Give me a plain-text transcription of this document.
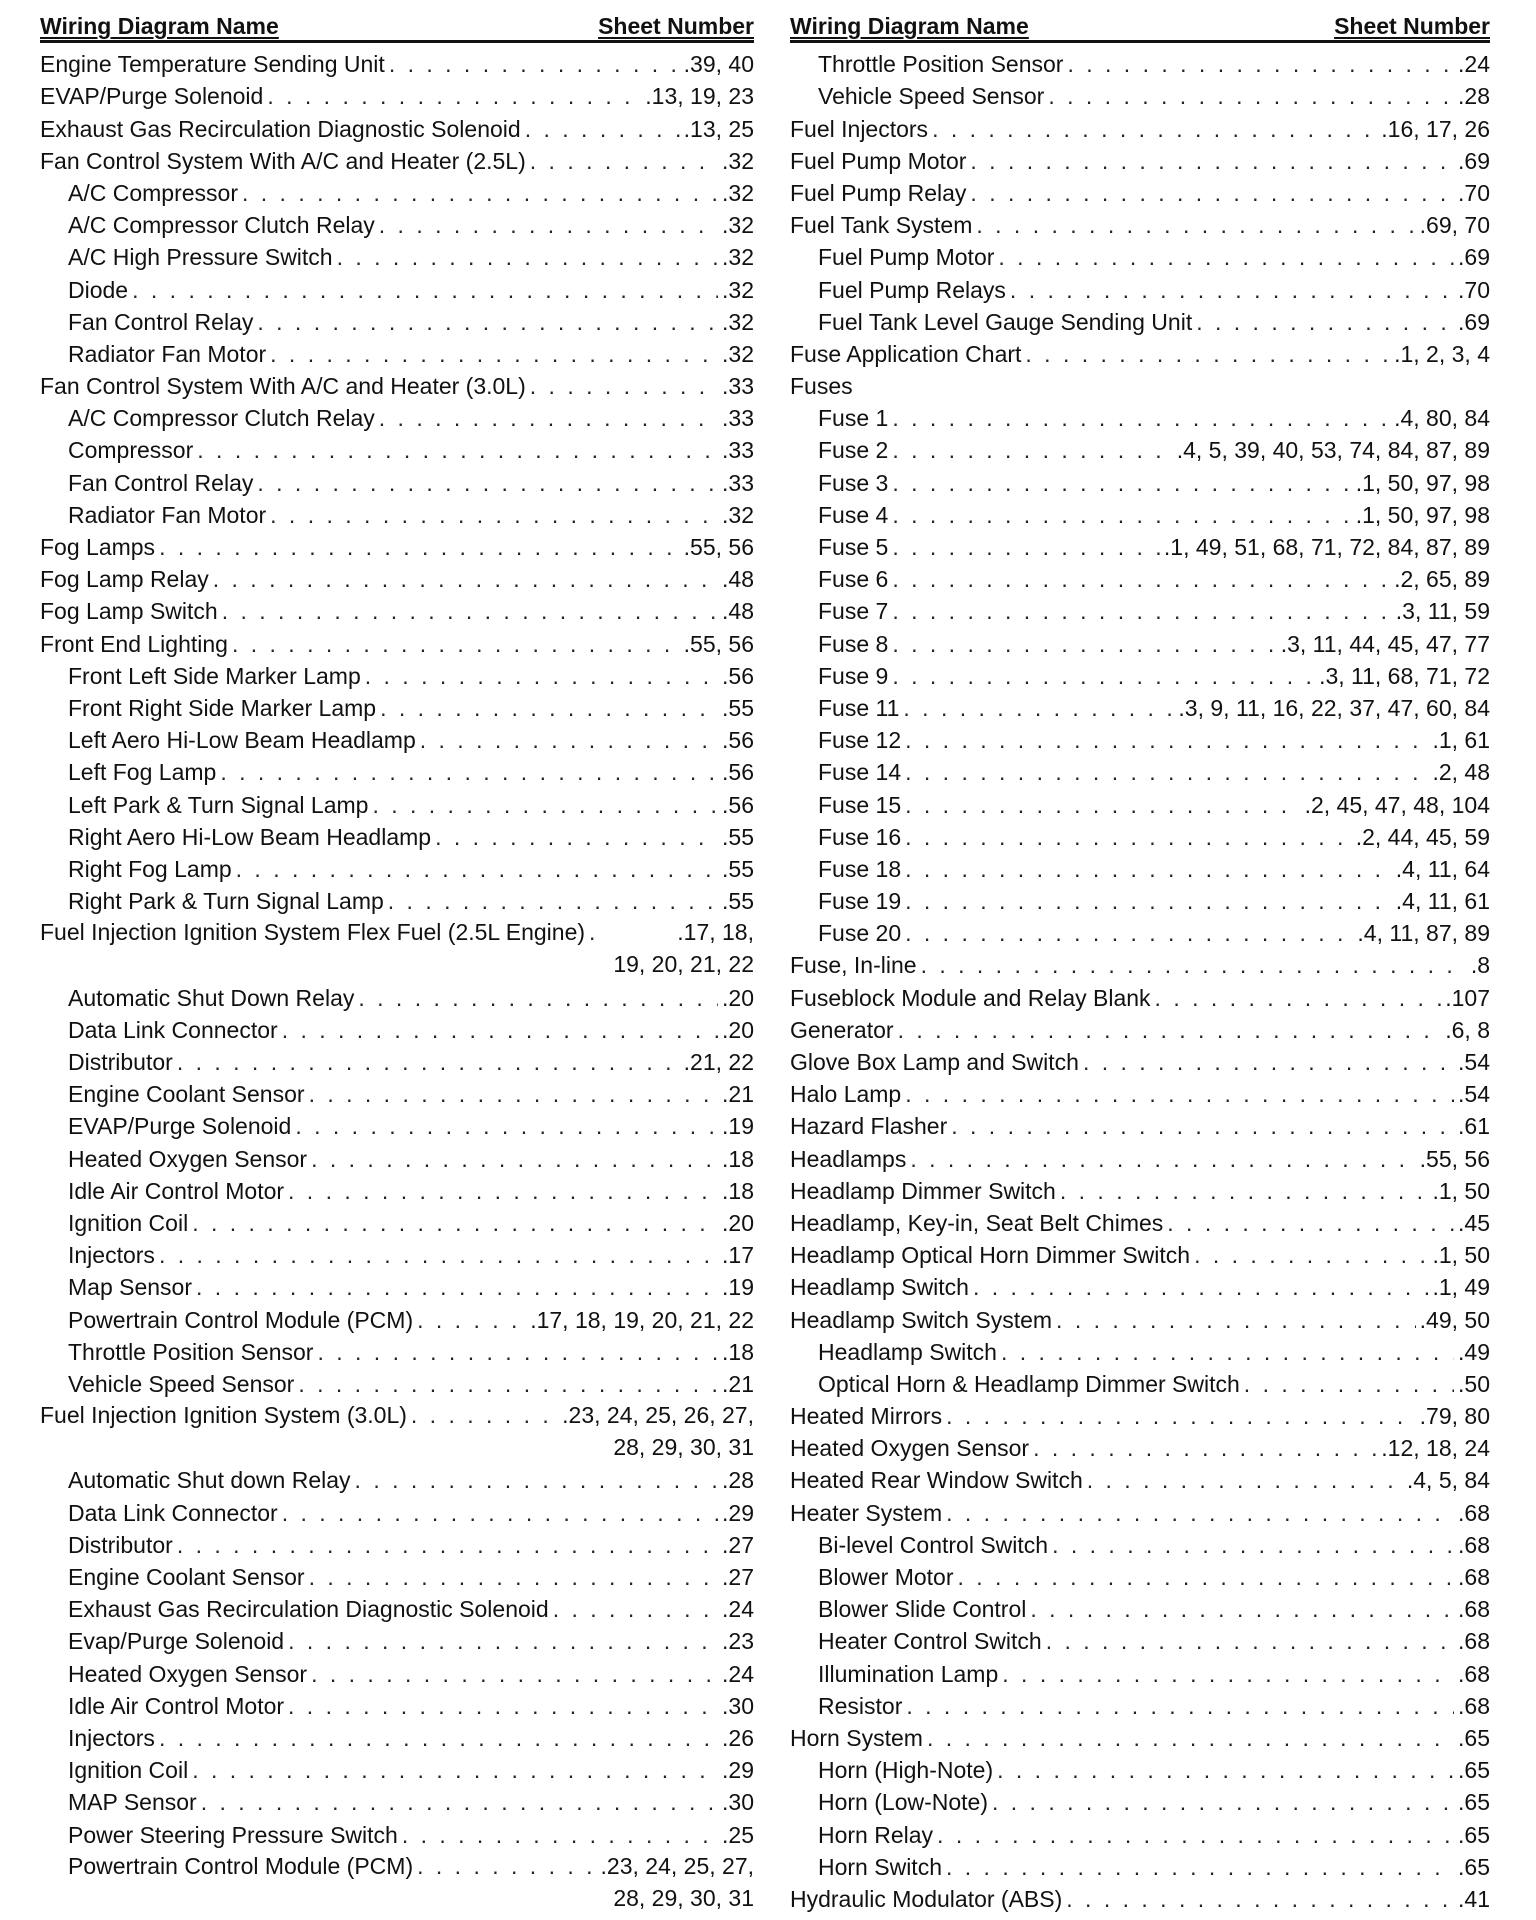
Wiring Diagram Name	Sheet Number
Engine Temperature Sending Unit . . .	.39, 40
EVAP/Purge Solenoid . . .	.13, 19, 23
Exhaust Gas Recirculation Diagnostic Solenoid . . .	.13, 25
Fan Control System With A/C and Heater (2.5L) . . .	.32
A/C Compressor . . .	.32
A/C Compressor Clutch Relay . . .	.32
A/C High Pressure Switch . . .	.32
Diode . . .	.32
Fan Control Relay . . .	.32
Radiator Fan Motor . . .	.32
Fan Control System With A/C and Heater (3.0L) . . .	.33
A/C Compressor Clutch Relay . . .	.33
Compressor . . .	.33
Fan Control Relay . . .	.33
Radiator Fan Motor . . .	.32
Fog Lamps . . .	.55, 56
Fog Lamp Relay . . .	.48
Fog Lamp Switch . . .	.48
Front End Lighting . . .	.55, 56
Front Left Side Marker Lamp . . .	.56
Front Right Side Marker Lamp . . .	.55
Left Aero Hi-Low Beam Headlamp . . .	.56
Left Fog Lamp . . .	.56
Left Park & Turn Signal Lamp . . .	.56
Right Aero Hi-Low Beam Headlamp . . .	.55
Right Fog Lamp . . .	.55
Right Park & Turn Signal Lamp . . .	.55
Fuel Injection Ignition System Flex Fuel (2.5L Engine) . . .	.17, 18,
19, 20, 21, 22
Automatic Shut Down Relay . . .	.20
Data Link Connector . . .	.20
Distributor . . .	.21, 22
Engine Coolant Sensor . . .	.21
EVAP/Purge Solenoid . . .	.19
Heated Oxygen Sensor . . .	.18
Idle Air Control Motor . . .	.18
Ignition Coil . . .	.20
Injectors . . .	.17
Map Sensor . . .	.19
Powertrain Control Module (PCM) . . .	.17, 18, 19, 20, 21, 22
Throttle Position Sensor . . .	.18
Vehicle Speed Sensor . . .	.21
Fuel Injection Ignition System (3.0L) . . .	.23, 24, 25, 26, 27,
28, 29, 30, 31
Automatic Shut down Relay . . .	.28
Data Link Connector . . .	.29
Distributor . . .	.27
Engine Coolant Sensor . . .	.27
Exhaust Gas Recirculation Diagnostic Solenoid . . .	.24
Evap/Purge Solenoid . . .	.23
Heated Oxygen Sensor . . .	.24
Idle Air Control Motor . . .	.30
Injectors . . .	.26
Ignition Coil . . .	.29
MAP Sensor . . .	.30
Power Steering Pressure Switch . . .	.25
Powertrain Control Module (PCM) . . .	.23, 24, 25, 27,
28, 29, 30, 31
Wiring Diagram Name	Sheet Number
Throttle Position Sensor . . .	.24
Vehicle Speed Sensor . . .	.28
Fuel Injectors . . .	.16, 17, 26
Fuel Pump Motor . . .	.69
Fuel Pump Relay . . .	.70
Fuel Tank System . . .	.69, 70
Fuel Pump Motor . . .	.69
Fuel Pump Relays . . .	.70
Fuel Tank Level Gauge Sending Unit . . .	.69
Fuse Application Chart . . .	.1, 2, 3, 4
Fuses
Fuse 1 . . .	.4, 80, 84
Fuse 2 . . .	.4, 5, 39, 40, 53, 74, 84, 87, 89
Fuse 3 . . .	.1, 50, 97, 98
Fuse 4 . . .	.1, 50, 97, 98
Fuse 5 . . .	.1, 49, 51, 68, 71, 72, 84, 87, 89
Fuse 6 . . .	.2, 65, 89
Fuse 7 . . .	.3, 11, 59
Fuse 8 . . .	.3, 11, 44, 45, 47, 77
Fuse 9 . . .	.3, 11, 68, 71, 72
Fuse 11 . . .	.3, 9, 11, 16, 22, 37, 47, 60, 84
Fuse 12 . . .	.1, 61
Fuse 14 . . .	.2, 48
Fuse 15 . . .	.2, 45, 47, 48, 104
Fuse 16 . . .	.2, 44, 45, 59
Fuse 18 . . .	.4, 11, 64
Fuse 19 . . .	.4, 11, 61
Fuse 20 . . .	.4, 11, 87, 89
Fuse, In-line . . .	.8
Fuseblock Module and Relay Blank . . .	.107
Generator . . .	.6, 8
Glove Box Lamp and Switch . . .	.54
Halo Lamp . . .	.54
Hazard Flasher . . .	.61
Headlamps . . .	.55, 56
Headlamp Dimmer Switch . . .	.1, 50
Headlamp, Key-in, Seat Belt Chimes . . .	.45
Headlamp Optical Horn Dimmer Switch . . .	.1, 50
Headlamp Switch . . .	.1, 49
Headlamp Switch System . . .	.49, 50
Headlamp Switch . . .	.49
Optical Horn & Headlamp Dimmer Switch . . .	.50
Heated Mirrors . . .	.79, 80
Heated Oxygen Sensor . . .	.12, 18, 24
Heated Rear Window Switch . . .	.4, 5, 84
Heater System . . .	.68
Bi-level Control Switch . . .	.68
Blower Motor . . .	.68
Blower Slide Control . . .	.68
Heater Control Switch . . .	.68
Illumination Lamp . . .	.68
Resistor . . .	.68
Horn System . . .	.65
Horn (High-Note) . . .	.65
Horn (Low-Note) . . .	.65
Horn Relay . . .	.65
Horn Switch . . .	.65
Hydraulic Modulator (ABS) . . .	.41
